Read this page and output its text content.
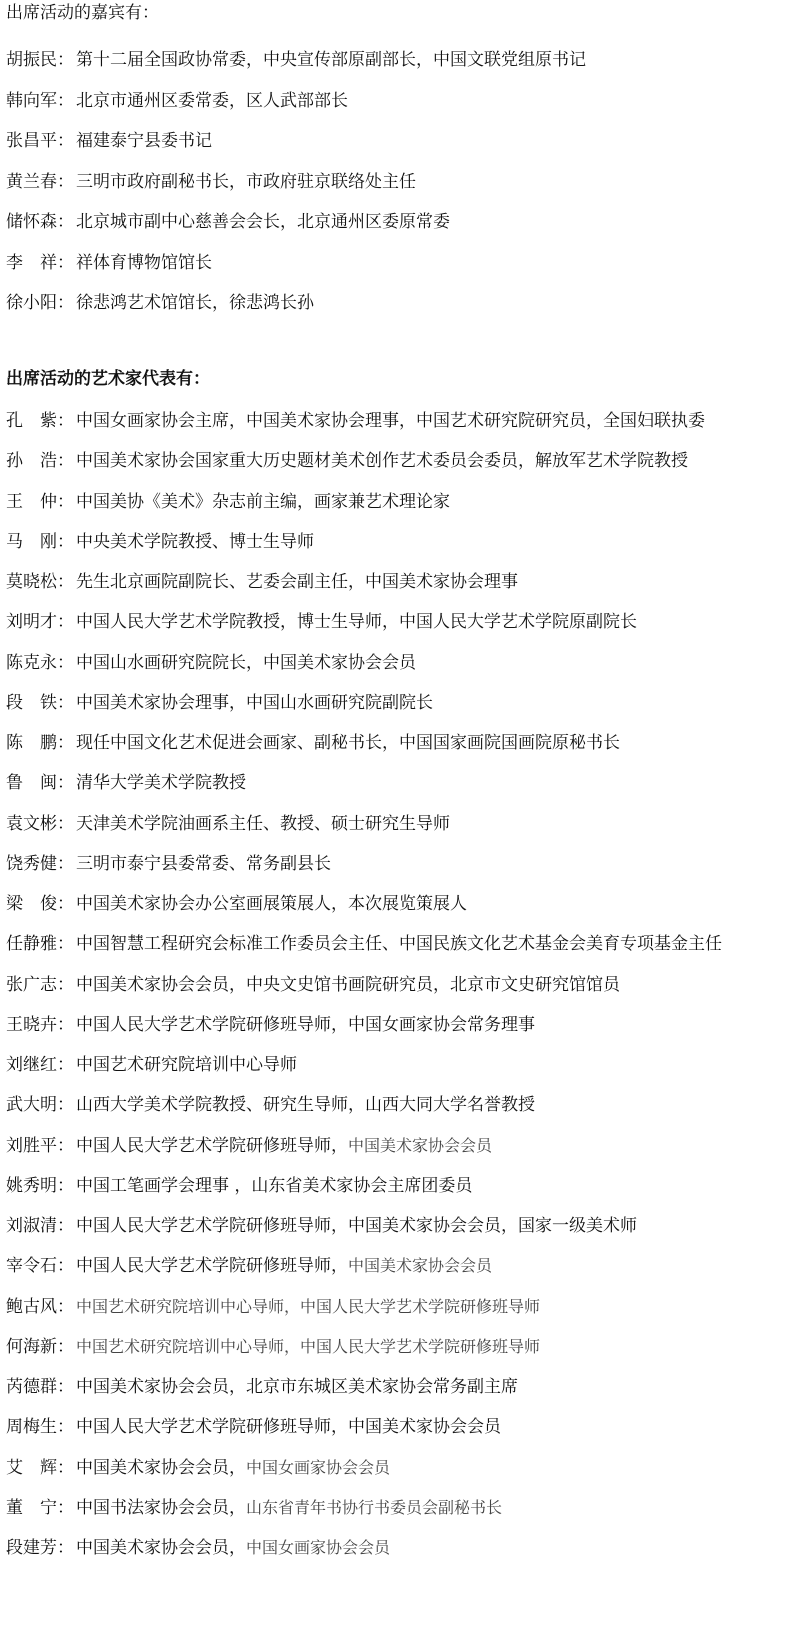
出席活动的嘉宾有：
胡振民： 第十二届全国政协常委，中央宣传部原副部长，中国文联党组原书记
韩向军： 北京市通州区委常委，区人武部部长
张昌平： 福建泰宁县委书记
黄兰春： 三明市政府副秘书长，市政府驻京联络处主任
储怀森： 北京城市副中心慈善会会长，北京通州区委原常委
李　祥： 祥体育博物馆馆长
徐小阳： 徐悲鸿艺术馆馆长，徐悲鸿长孙
出席活动的艺术家代表有：
孔　紫： 中国女画家协会主席，中国美术家协会理事，中国艺术研究院研究员，全国妇联执委
孙　浩： 中国美术家协会国家重大历史题材美术创作艺术委员会委员，解放军艺术学院教授
王　仲： 中国美协《美术》杂志前主编，画家兼艺术理论家
马　刚： 中央美术学院教授、博士生导师
莫晓松： 先生北京画院副院长、艺委会副主任，中国美术家协会理事
刘明才： 中国人民大学艺术学院教授，博士生导师，中国人民大学艺术学院原副院长
陈克永： 中国山水画研究院院长，中国美术家协会会员
段　铁： 中国美术家协会理事，中国山水画研究院副院长
陈　鹏： 现任中国文化艺术促进会画家、副秘书长，中国国家画院国画院原秘书长
鲁　闽： 清华大学美术学院教授
袁文彬： 天津美术学院油画系主任、教授、硕士研究生导师
饶秀健： 三明市泰宁县委常委、常务副县长
梁　俊： 中国美术家协会办公室画展策展人，本次展览策展人
任静雅： 中国智慧工程研究会标准工作委员会主任、中国民族文化艺术基金会美育专项基金主任
张广志： 中国美术家协会会员，中央文史馆书画院研究员，北京市文史研究馆馆员
王晓卉： 中国人民大学艺术学院研修班导师，中国女画家协会常务理事
刘继红： 中国艺术研究院培训中心导师
武大明： 山西大学美术学院教授、研究生导师，山西大同大学名誉教授
刘胜平： 中国人民大学艺术学院研修班导师，中国美术家协会会员
姚秀明： 中国工笔画学会理事 ，山东省美术家协会主席团委员
刘淑清： 中国人民大学艺术学院研修班导师，中国美术家协会会员，国家一级美术师
宰令石： 中国人民大学艺术学院研修班导师，中国美术家协会会员
鲍古风： 中国艺术研究院培训中心导师，中国人民大学艺术学院研修班导师
何海新： 中国艺术研究院培训中心导师，中国人民大学艺术学院研修班导师
芮德群： 中国美术家协会会员，北京市东城区美术家协会常务副主席
周梅生： 中国人民大学艺术学院研修班导师，中国美术家协会会员
艾　辉： 中国美术家协会会员，中国女画家协会会员
董　宁： 中国书法家协会会员，山东省青年书协行书委员会副秘书长
段建芳： 中国美术家协会会员，中国女画家协会会员
